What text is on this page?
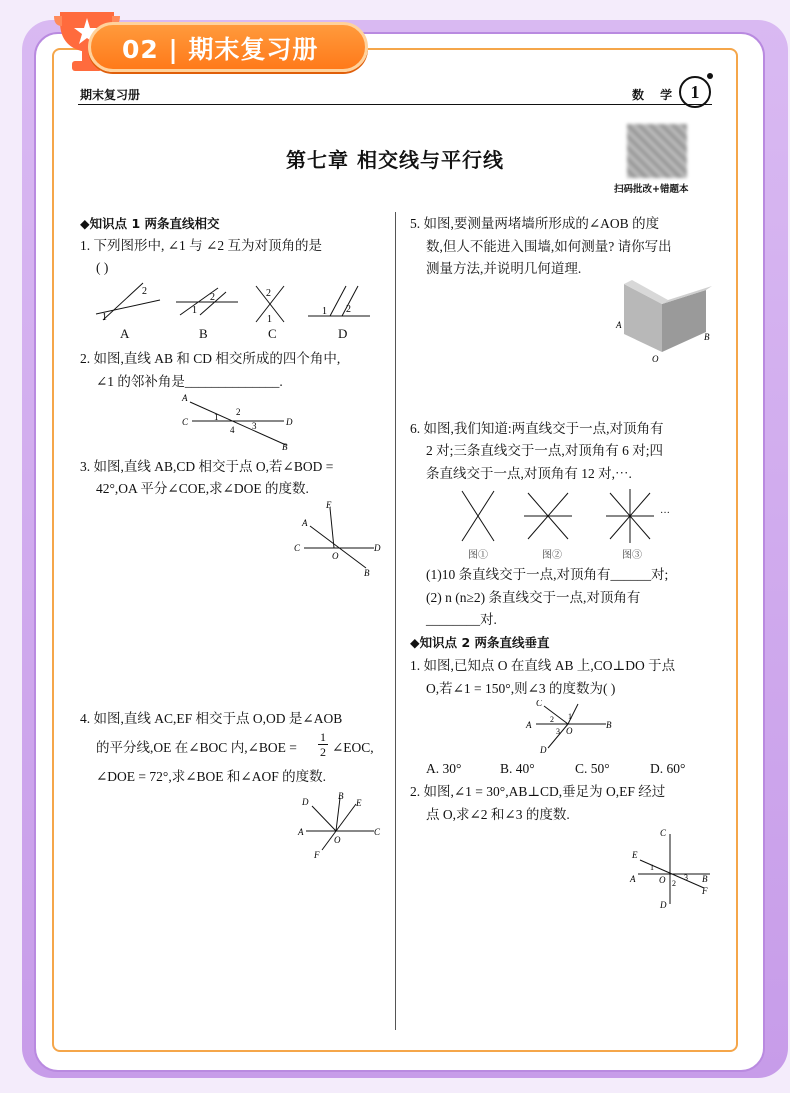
02 | 期末复习册
期末复习册	数 学 1
第七章 相交线与平行线
扫码批改+错题本
◆知识点 1 两条直线相交
1. 下列图形中, ∠1 与 ∠2 互为对顶角的是
( )
2
1
2
1
2
1
1 2
A	B	C	D
2. 如图,直线 AB 和 CD 相交所成的四个角中,
∠1 的邻补角是______________.
A
C	D
B
1 2
4 3
3. 如图,直线 AB,CD 相交于点 O,若∠BOD =
42°,OA 平分∠COE,求∠DOE 的度数.
C	D
A
E
B
O
4. 如图,直线 AC,EF 相交于点 O,OD 是∠AOB
的平分线,OE 在∠BOC 内,∠BOE = $\frac{1}{2}$ ∠EOC,
∠DOE = 72°,求∠BOE 和∠AOF 的度数.
A	C
D
B
E
F
O
5. 如图,要测量两堵墙所形成的∠AOB 的度
数,但人不能进入围墙,如何测量? 请你写出
测量方法,并说明几何道理.
A
B
O
6. 如图,我们知道:两直线交于一点,对顶角有
2 对;三条直线交于一点,对顶角有 6 对;四
条直线交于一点,对顶角有 12 对,⋯.
···
图①	图②	图③
(1)10 条直线交于一点,对顶角有______对;
(2) n (n≥2) 条直线交于一点,对顶角有
________对.
◆知识点 2 两条直线垂直
1. 如图,已知点 O 在直线 AB 上,CO⊥DO 于点
O,若∠1 = 150°,则∠3 的度数为( )
A	B
C
D
O
2 1
3
A. 30°	B. 40°	C. 50°	D. 60°
2. 如图,∠1 = 30°,AB⊥CD,垂足为 O,EF 经过
点 O,求∠2 和∠3 的度数.
A	B
C
D
E
F
O
1
2
3
